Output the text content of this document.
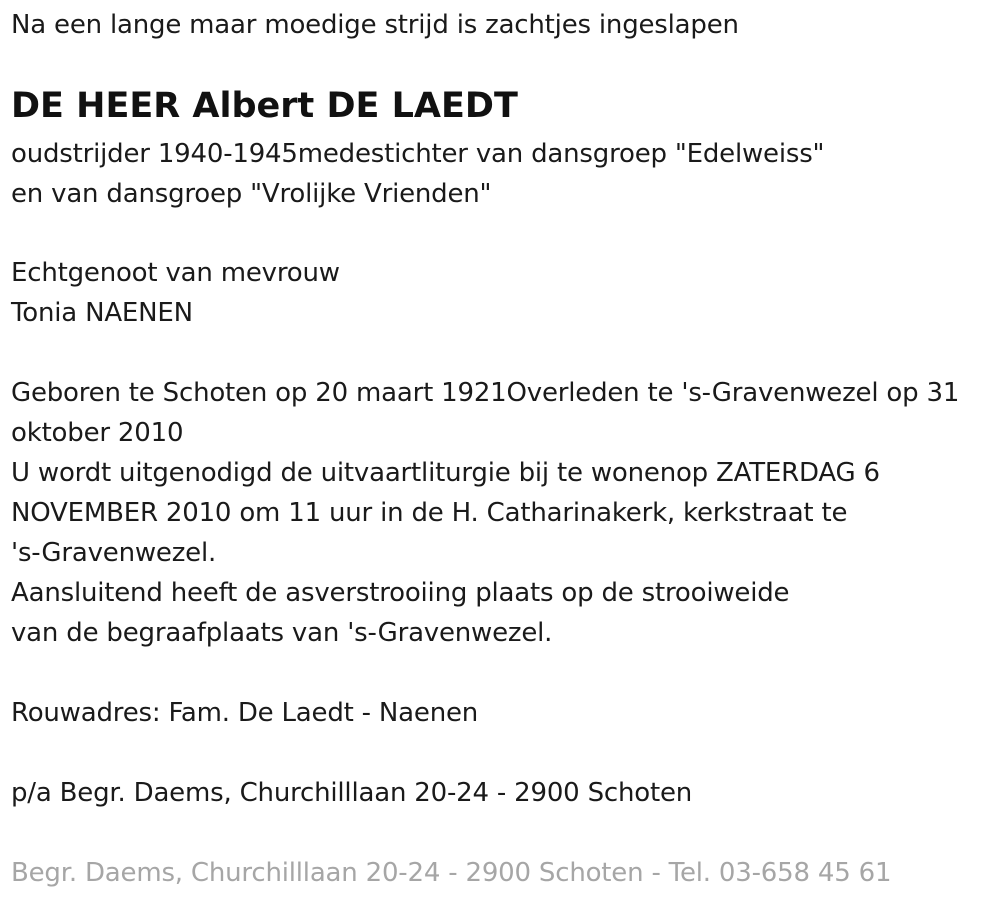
Na een lange maar moedige strijd is zachtjes ingeslapen
DE HEER Albert DE LAEDT
oudstrijder 1940-1945medestichter van dansgroep "Edelweiss"
en van dansgroep "Vrolijke Vrienden"
Echtgenoot van mevrouw
Tonia NAENEN
Geboren te Schoten op 20 maart 1921Overleden te 's-Gravenwezel op 31
oktober 2010
U wordt uitgenodigd de uitvaartliturgie bij te wonenop ZATERDAG 6
NOVEMBER 2010 om 11 uur in de H. Catharinakerk, kerkstraat te
's-Gravenwezel.
Aansluitend heeft de asverstrooiing plaats op de strooiweide
van de begraafplaats van 's-Gravenwezel.
Rouwadres: Fam. De Laedt - Naenen
p/a Begr. Daems, Churchilllaan 20-24 - 2900 Schoten
Begr. Daems, Churchilllaan 20-24 - 2900 Schoten - Tel. 03-658 45 61
